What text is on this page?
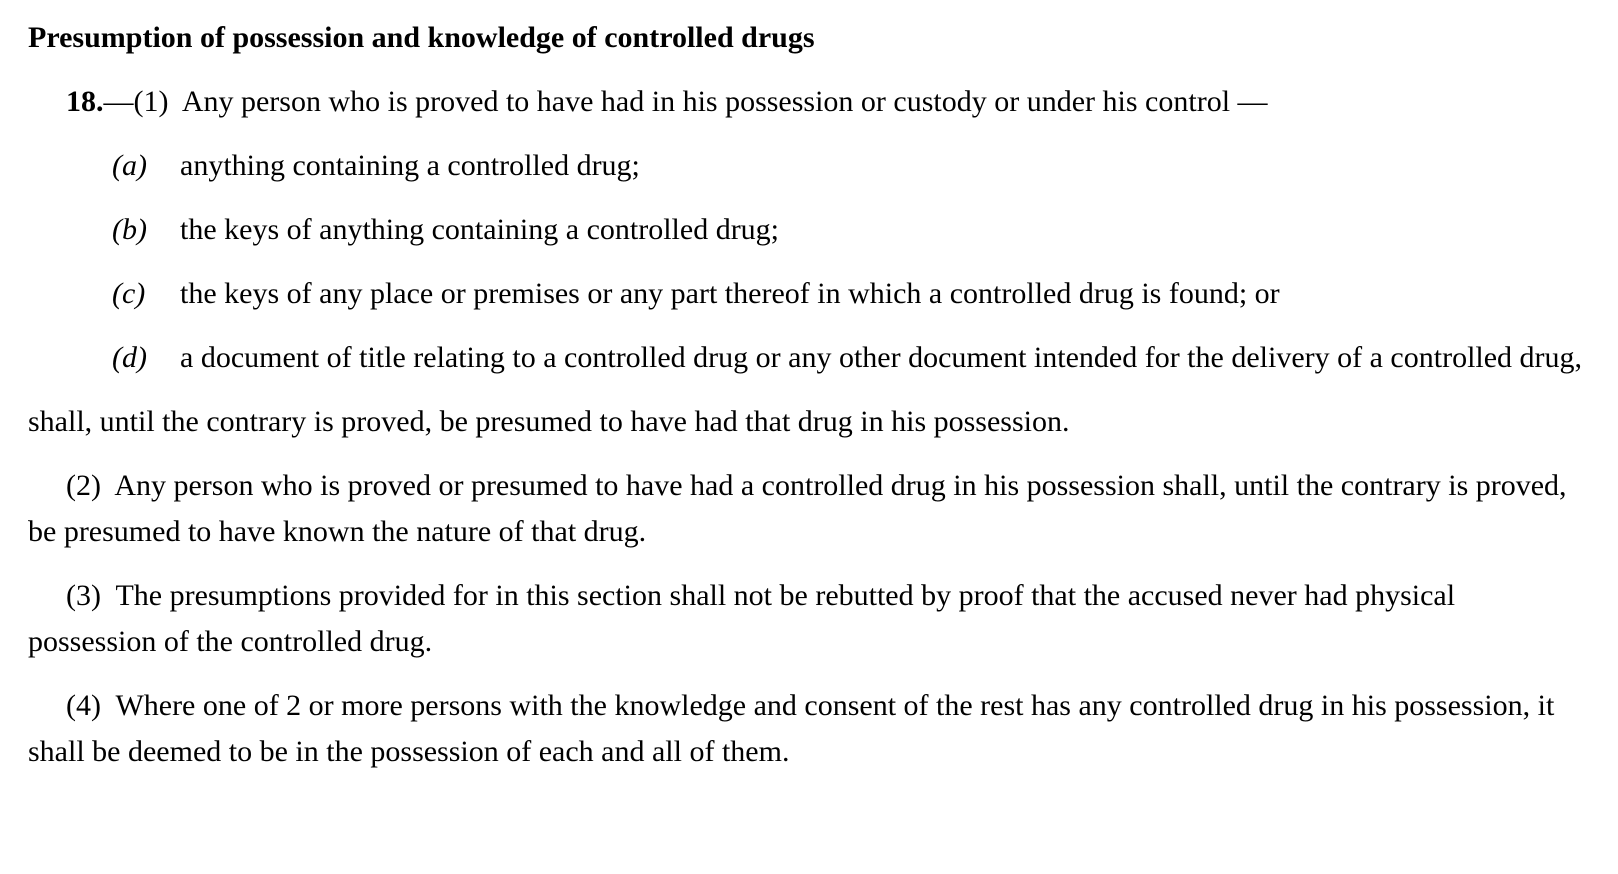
Presumption of possession and knowledge of controlled drugs

18.—(1)  Any person who is proved to have had in his possession or custody or under his control —

(a)	anything containing a controlled drug;
(b)	the keys of anything containing a controlled drug;
(c)	the keys of any place or premises or any part thereof in which a controlled drug is found; or
(d)	a document of title relating to a controlled drug or any other document intended for the delivery of a controlled drug,

shall, until the contrary is proved, be presumed to have had that drug in his possession.

(2)  Any person who is proved or presumed to have had a controlled drug in his possession shall, until the contrary is proved, be presumed to have known the nature of that drug.

(3)  The presumptions provided for in this section shall not be rebutted by proof that the accused never had physical possession of the controlled drug.

(4)  Where one of 2 or more persons with the knowledge and consent of the rest has any controlled drug in his possession, it shall be deemed to be in the possession of each and all of them.
